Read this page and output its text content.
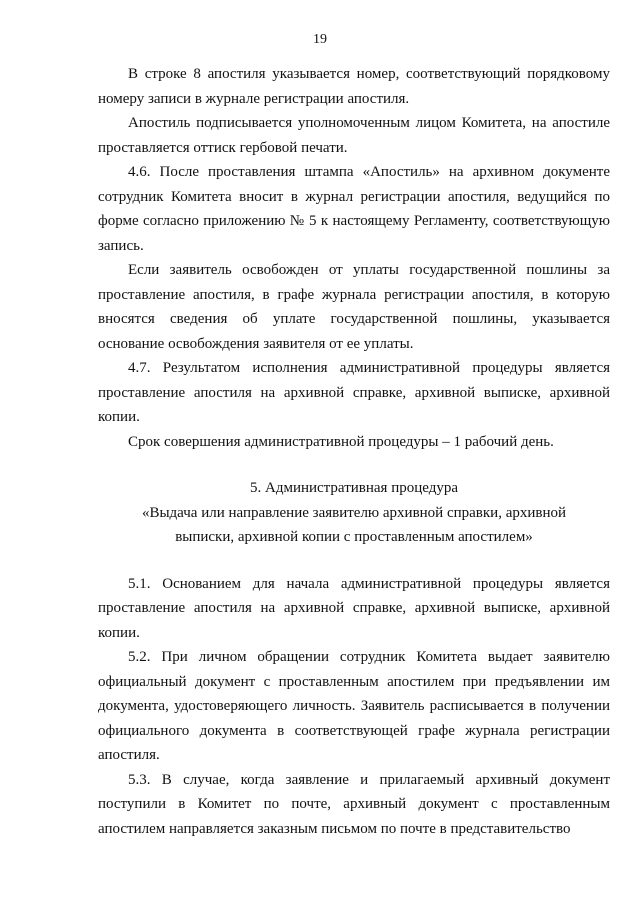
19

В строке 8 апостиля указывается номер, соответствующий порядковому номеру записи в журнале регистрации апостиля.

Апостиль подписывается уполномоченным лицом Комитета, на апостиле проставляется оттиск гербовой печати.

4.6. После проставления штампа «Апостиль» на архивном документе сотрудник Комитета вносит в журнал регистрации апостиля, ведущийся по форме согласно приложению № 5 к настоящему Регламенту, соответствующую запись.

Если заявитель освобожден от уплаты государственной пошлины за проставление апостиля, в графе журнала регистрации апостиля, в которую вносятся сведения об уплате государственной пошлины, указывается основание освобождения заявителя от ее уплаты.

4.7. Результатом исполнения административной процедуры является проставление апостиля на архивной справке, архивной выписке, архивной копии.

Срок совершения административной процедуры – 1 рабочий день.

5. Административная процедура

«Выдача или направление заявителю архивной справки, архивной выписки, архивной копии с проставленным апостилем»

5.1. Основанием для начала административной процедуры является проставление апостиля на архивной справке, архивной выписке, архивной копии.

5.2. При личном обращении сотрудник Комитета выдает заявителю официальный документ с проставленным апостилем при предъявлении им документа, удостоверяющего личность. Заявитель расписывается в получении официального документа в соответствующей графе журнала регистрации апостиля.

5.3. В случае, когда заявление и прилагаемый архивный документ поступили в Комитет по почте, архивный документ с проставленным апостилем направляется заказным письмом по почте в представительство
